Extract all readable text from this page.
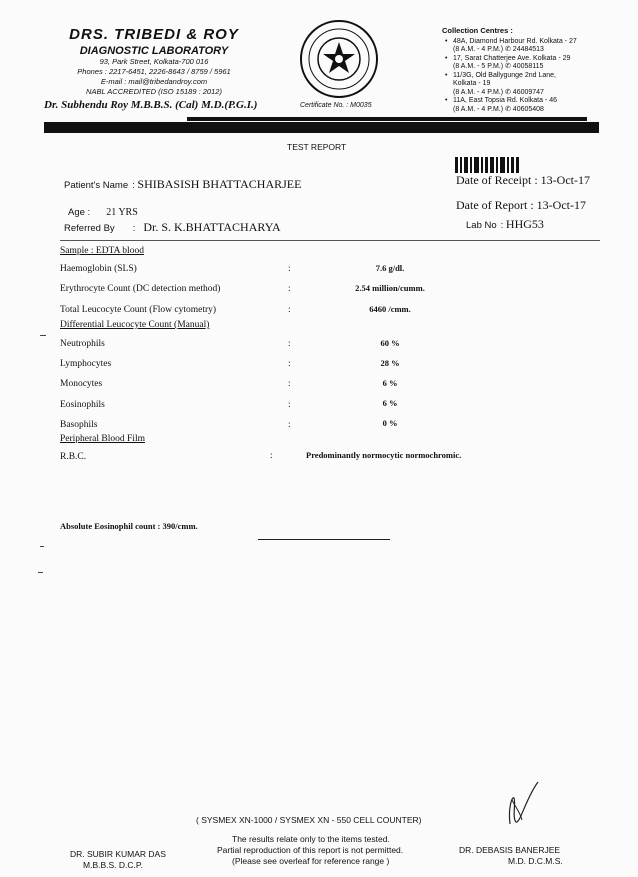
DRS. TRIBEDI & ROY
DIAGNOSTIC LABORATORY
93, Park Street, Kolkata-700 016
Phones : 2217-6451, 2226-8643 / 8759 / 5961
E-mail : mail@tribedandroy.com
NABL ACCREDITED (ISO 15189 : 2012)
Dr. Subhendu Roy M.B.B.S. (Cal) M.D.(P.G.I.)	Certificate No. : M0035
Collection Centres :
• 48A, Diamond Harbour Rd. Kolkata - 27
(8 A.M. - 4 P.M.) ✆ 24484513
• 17, Sarat Chatterjee Ave. Kolkata - 29
(8 A.M. - 5 P.M.) ✆ 40058115
• 11/3G, Old Ballygunge 2nd Lane,
Kolkata - 19
(8 A.M. - 4 P.M.) ✆ 46009747
• 11A, East Topsia Rd. Kolkata - 46
(8 A.M. - 4 P.M.) ✆ 40605408
TEST REPORT
Patient's Name : SHIBASISH BHATTACHARJEE	Date of Receipt : 13-Oct-17
Age : 21 YRS
Date of Report : 13-Oct-17
Referred By : Dr. S. K.BHATTACHARYA	Lab No : HHG53
Sample : EDTA blood
Haemoglobin (SLS)	:	7.6 g/dl.
Erythrocyte Count (DC detection method)	:	2.54 million/cumm.
Total Leucocyte Count (Flow cytometry)	:	6460 /cmm.
Differential Leucocyte Count (Manual)
Neutrophils	:	60 %
Lymphocytes	:	28 %
Monocytes	:	6 %
Eosinophils	:	6 %
Basophils	:	0 %
Peripheral Blood Film
R.B.C.	:	Predominantly normocytic normochromic.
Absolute Eosinophil count : 390/cmm.
( SYSMEX XN-1000 / SYSMEX XN - 550 CELL COUNTER)
The results relate only to the items tested.
Partial reproduction of this report is not permitted.
(Please see overleaf for reference range )
DR. SUBIR KUMAR DAS
M.B.B.S. D.C.P.
DR. DEBASIS BANERJEE
M.D. D.C.M.S.
